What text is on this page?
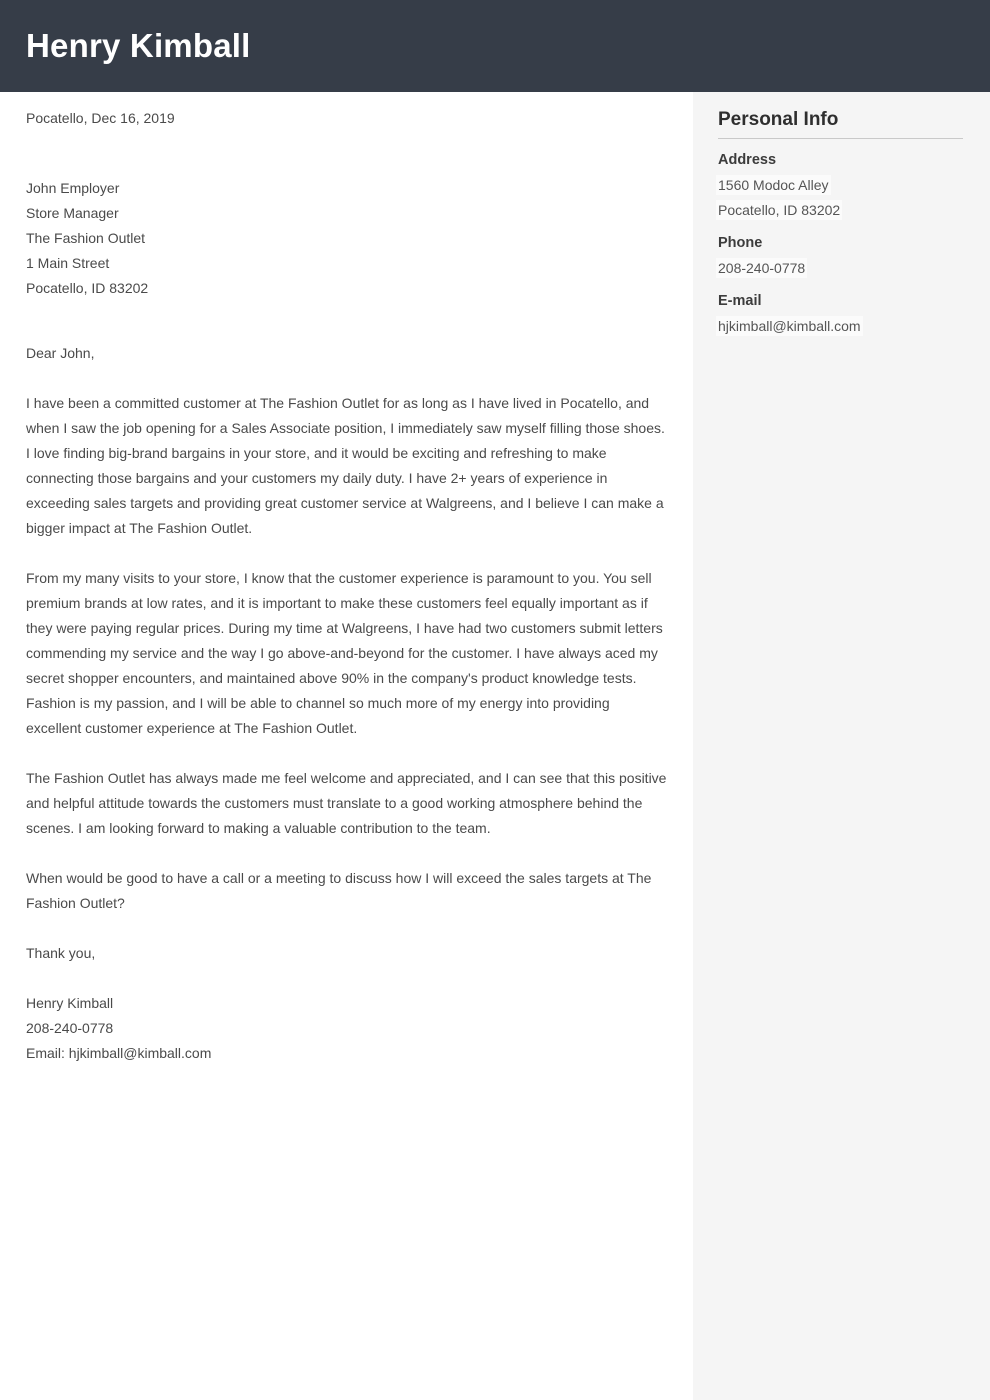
Henry Kimball

Pocatello, Dec 16, 2019

John Employer
Store Manager
The Fashion Outlet
1 Main Street
Pocatello, ID 83202

Dear John,

I have been a committed customer at The Fashion Outlet for as long as I have lived in Pocatello, and when I saw the job opening for a Sales Associate position, I immediately saw myself filling those shoes. I love finding big-brand bargains in your store, and it would be exciting and refreshing to make connecting those bargains and your customers my daily duty. I have 2+ years of experience in exceeding sales targets and providing great customer service at Walgreens, and I believe I can make a bigger impact at The Fashion Outlet.

From my many visits to your store, I know that the customer experience is paramount to you. You sell premium brands at low rates, and it is important to make these customers feel equally important as if they were paying regular prices. During my time at Walgreens, I have had two customers submit letters commending my service and the way I go above-and-beyond for the customer. I have always aced my secret shopper encounters, and maintained above 90% in the company's product knowledge tests. Fashion is my passion, and I will be able to channel so much more of my energy into providing excellent customer experience at The Fashion Outlet.

The Fashion Outlet has always made me feel welcome and appreciated, and I can see that this positive and helpful attitude towards the customers must translate to a good working atmosphere behind the scenes. I am looking forward to making a valuable contribution to the team.

When would be good to have a call or a meeting to discuss how I will exceed the sales targets at The Fashion Outlet?

Thank you,

Henry Kimball
208-240-0778
Email: hjkimball@kimball.com
Personal Info
Address
1560 Modoc Alley
Pocatello, ID 83202
Phone
208-240-0778
E-mail
hjkimball@kimball.com
